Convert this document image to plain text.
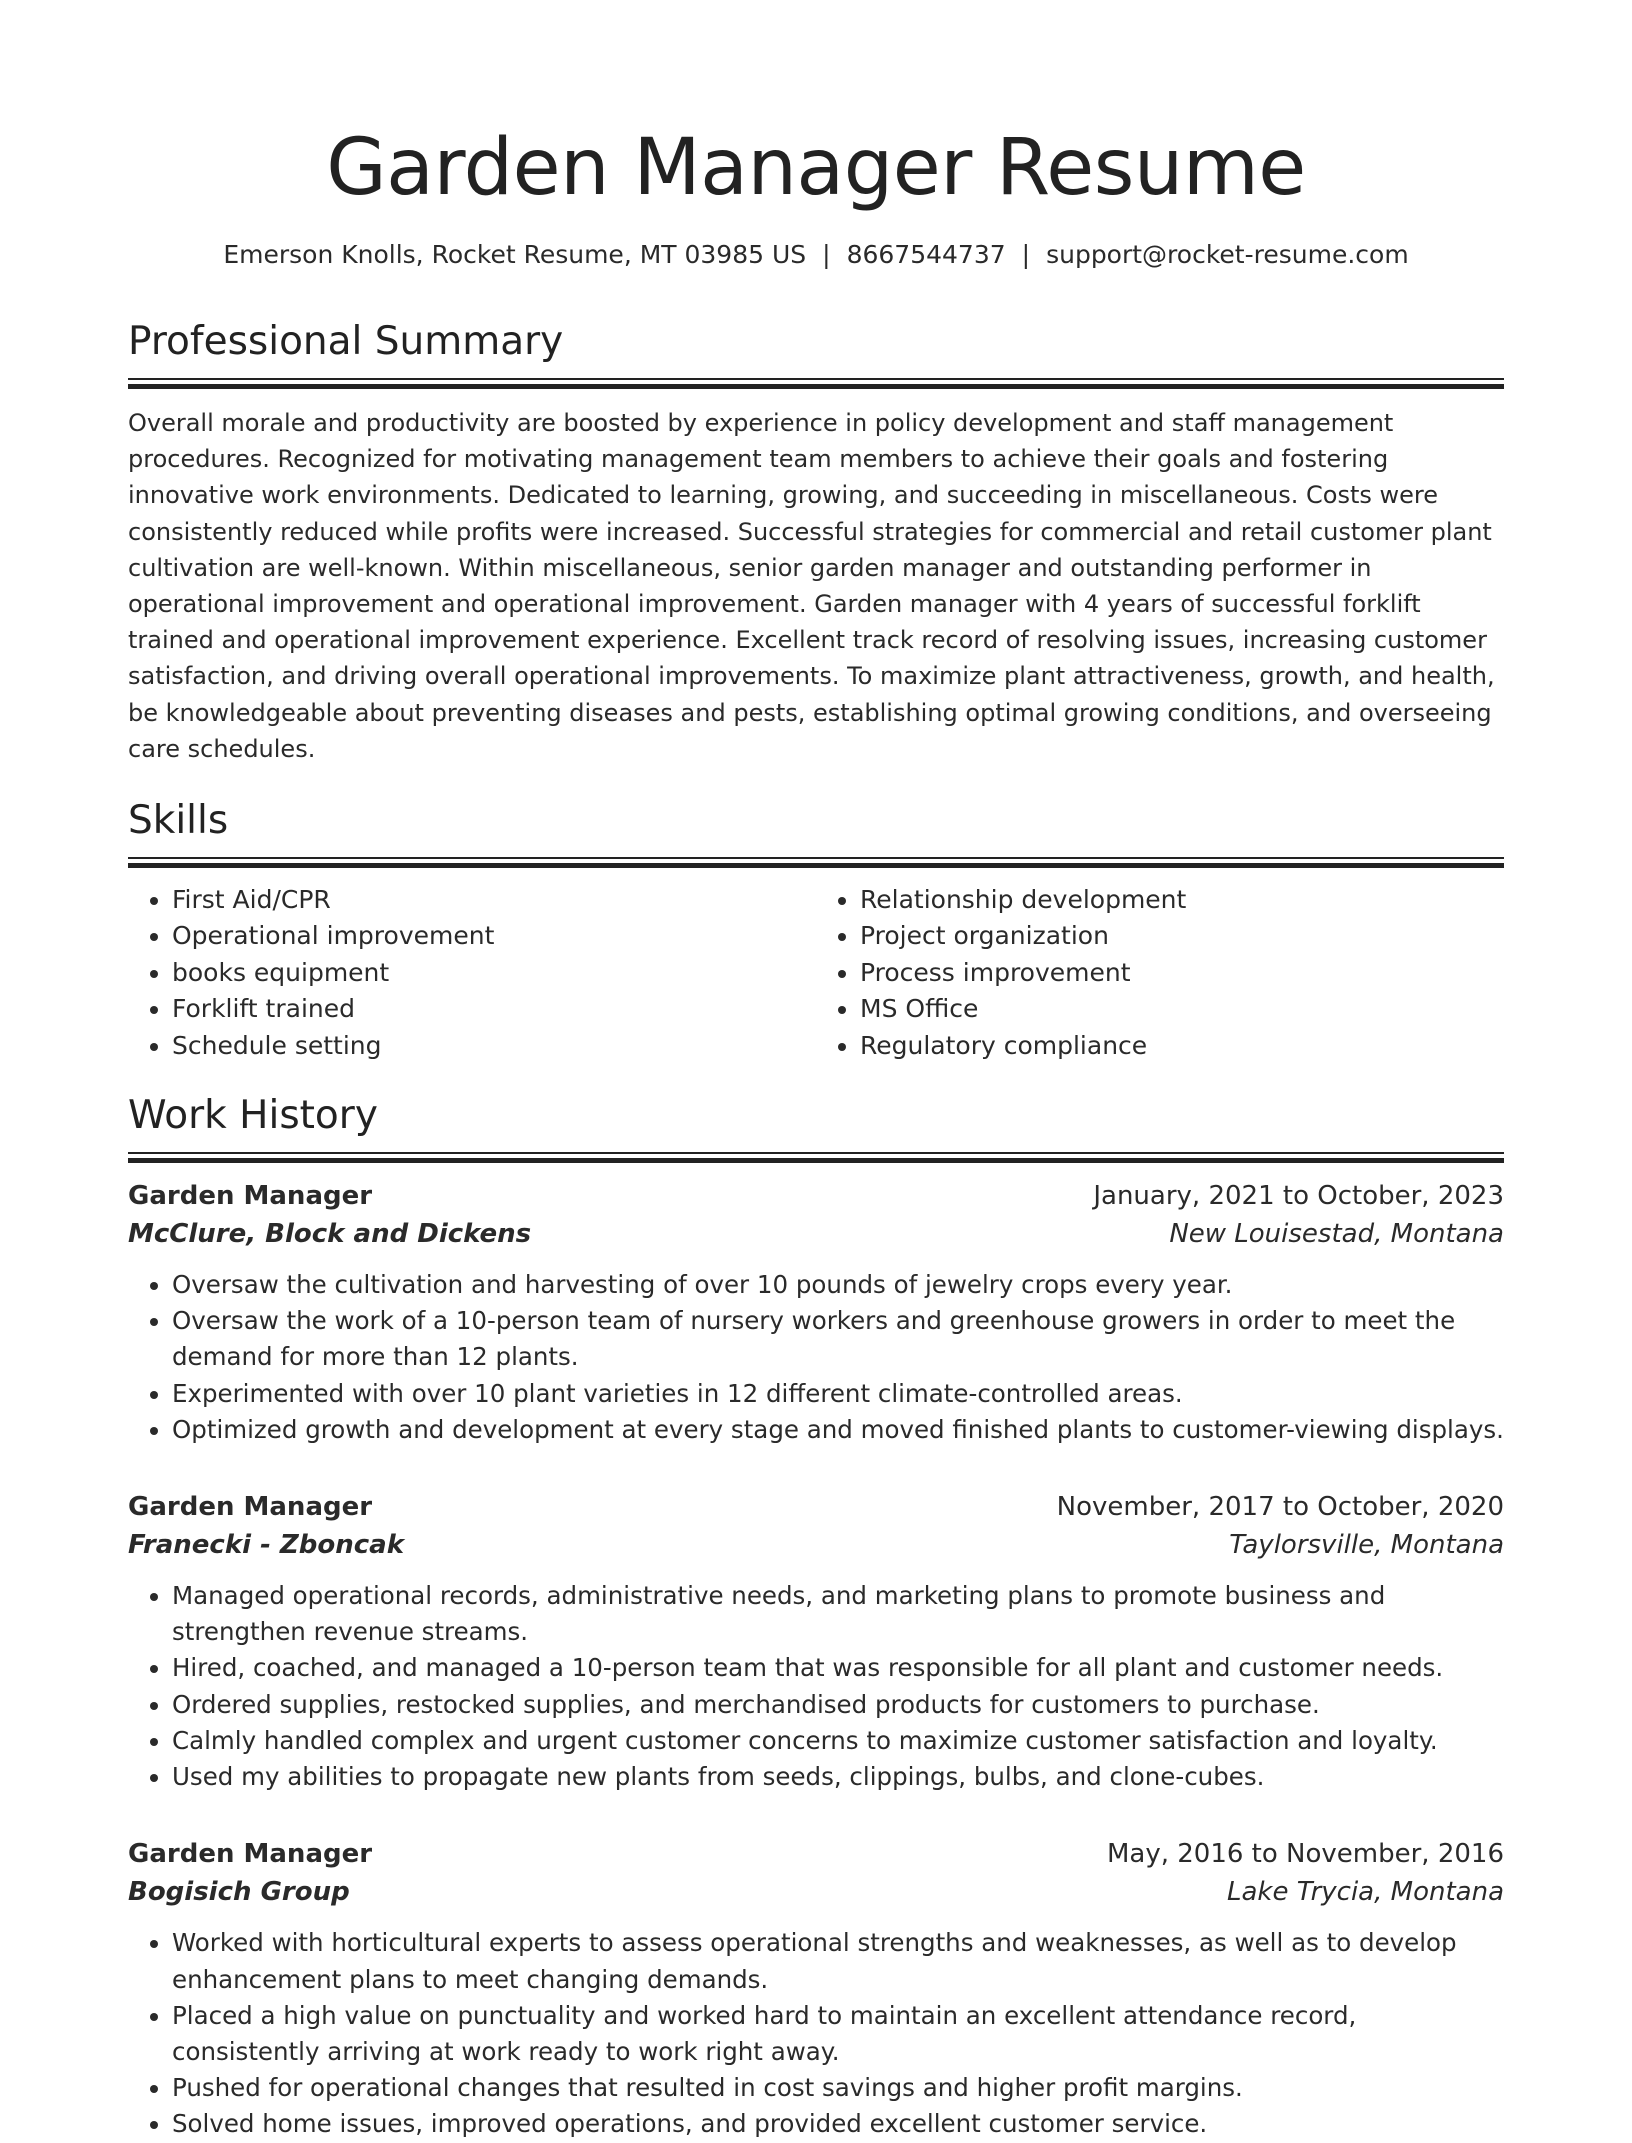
Garden Manager Resume
Emerson Knolls, Rocket Resume, MT 03985 US | 8667544737 | support@rocket-resume.com
Professional Summary
Overall morale and productivity are boosted by experience in policy development and staff management procedures. Recognized for motivating management team members to achieve their goals and fostering innovative work environments. Dedicated to learning, growing, and succeeding in miscellaneous. Costs were consistently reduced while profits were increased. Successful strategies for commercial and retail customer plant cultivation are well-known. Within miscellaneous, senior garden manager and outstanding performer in operational improvement and operational improvement. Garden manager with 4 years of successful forklift trained and operational improvement experience. Excellent track record of resolving issues, increasing customer satisfaction, and driving overall operational improvements. To maximize plant attractiveness, growth, and health, be knowledgeable about preventing diseases and pests, establishing optimal growing conditions, and overseeing care schedules.
Skills
• First Aid/CPR
• Operational improvement
• books equipment
• Forklift trained
• Schedule setting
• Relationship development
• Project organization
• Process improvement
• MS Office
• Regulatory compliance
Work History
Garden Manager	January, 2021 to October, 2023
McClure, Block and Dickens	New Louisestad, Montana
• Oversaw the cultivation and harvesting of over 10 pounds of jewelry crops every year.
• Oversaw the work of a 10-person team of nursery workers and greenhouse growers in order to meet the demand for more than 12 plants.
• Experimented with over 10 plant varieties in 12 different climate-controlled areas.
• Optimized growth and development at every stage and moved finished plants to customer-viewing displays.
Garden Manager	November, 2017 to October, 2020
Franecki - Zboncak	Taylorsville, Montana
• Managed operational records, administrative needs, and marketing plans to promote business and strengthen revenue streams.
• Hired, coached, and managed a 10-person team that was responsible for all plant and customer needs.
• Ordered supplies, restocked supplies, and merchandised products for customers to purchase.
• Calmly handled complex and urgent customer concerns to maximize customer satisfaction and loyalty.
• Used my abilities to propagate new plants from seeds, clippings, bulbs, and clone-cubes.
Garden Manager	May, 2016 to November, 2016
Bogisich Group	Lake Trycia, Montana
• Worked with horticultural experts to assess operational strengths and weaknesses, as well as to develop enhancement plans to meet changing demands.
• Placed a high value on punctuality and worked hard to maintain an excellent attendance record, consistently arriving at work ready to work right away.
• Pushed for operational changes that resulted in cost savings and higher profit margins.
• Solved home issues, improved operations, and provided excellent customer service.
